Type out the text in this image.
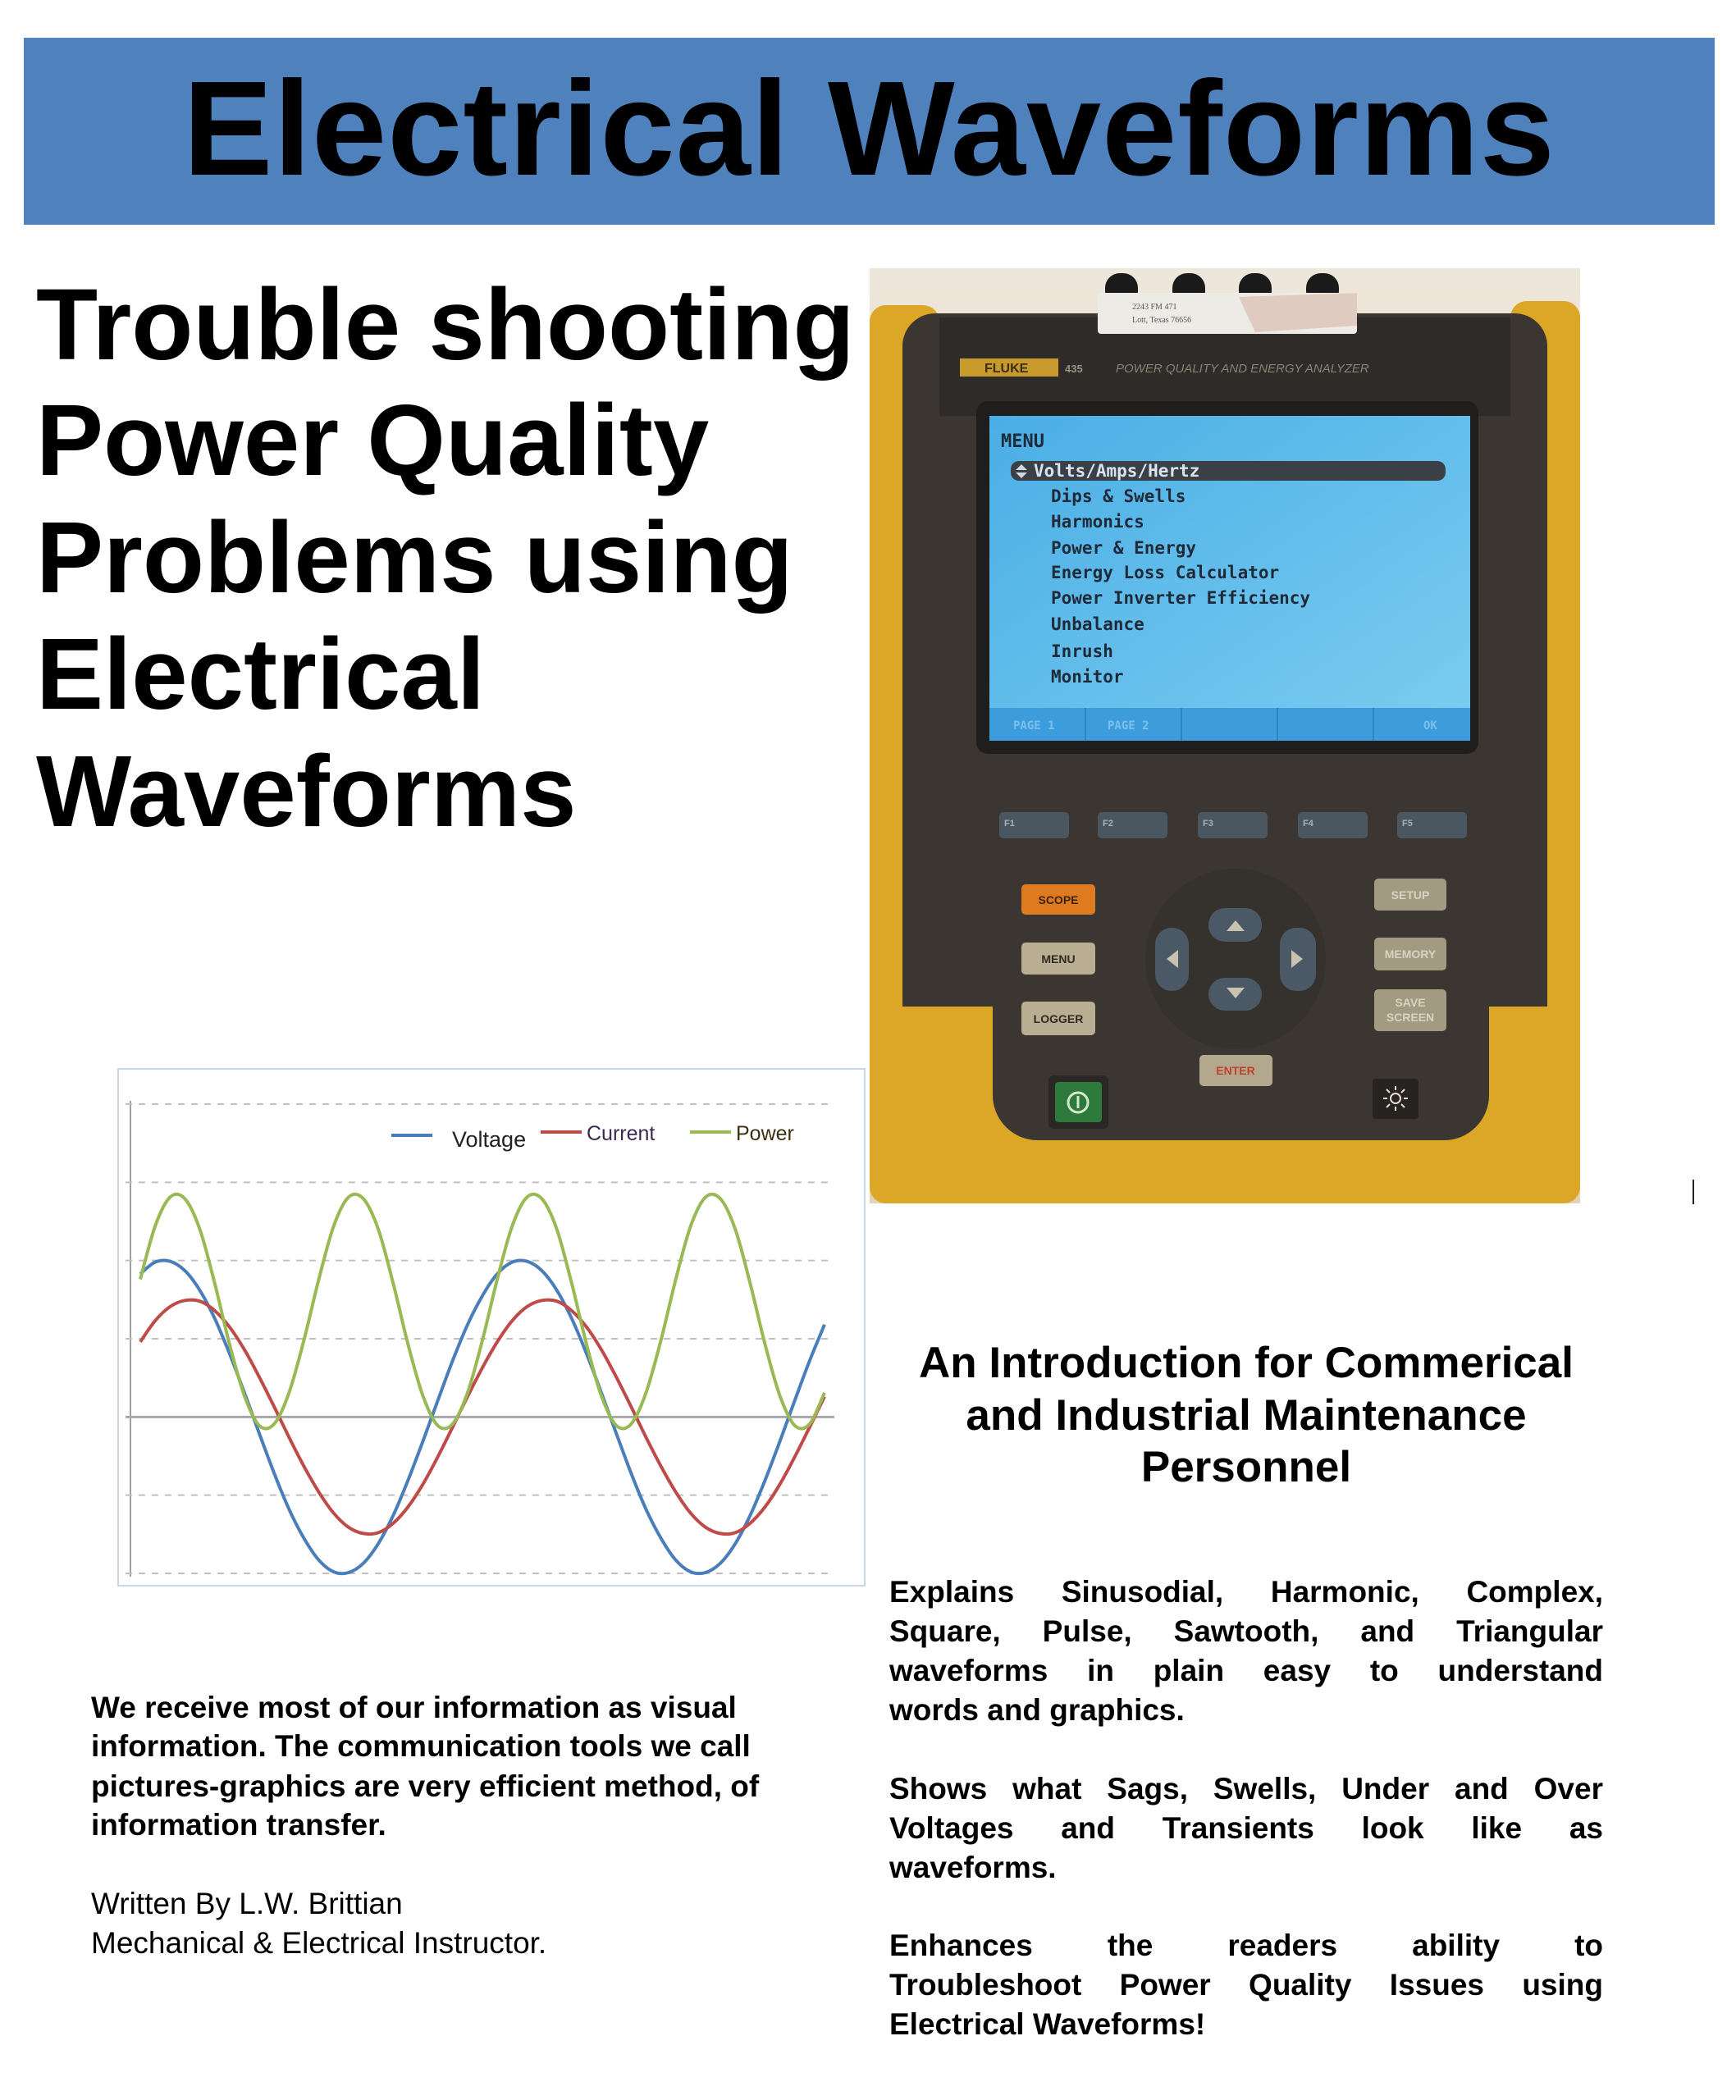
Electrical Waveforms
Trouble shooting
Power Quality
Problems using
Electrical
Waveforms
2243 FM 471
Lott, Texas 76656
FLUKE	435	POWER QUALITY AND ENERGY ANALYZER
MENU
Volts/Amps/Hertz
Dips & Swells
Harmonics
Power & Energy
Energy Loss Calculator
Power Inverter Efficiency
Unbalance
Inrush
Monitor
PAGE 1	PAGE 2	OK
F1	F2	F3	F4	F5
SCOPE
MENU
LOGGER
SETUP
MEMORY
SAVE
SCREEN
ENTER
Voltage	Current	Power
An Introduction for Commerical
and Industrial Maintenance
Personnel
Explains Sinusodial, Harmonic, Complex,
Square, Pulse, Sawtooth, and Triangular
waveforms in plain easy to understand
words and graphics.
Shows what Sags, Swells, Under and Over
Voltages and Transients look like as
waveforms.
Enhances the readers ability to
Troubleshoot Power Quality Issues using
Electrical Waveforms!
We receive most of our information as visual
information. The communication tools we call
pictures-graphics are very efficient method, of
information transfer.
Written By L.W. Brittian
Mechanical & Electrical Instructor.
